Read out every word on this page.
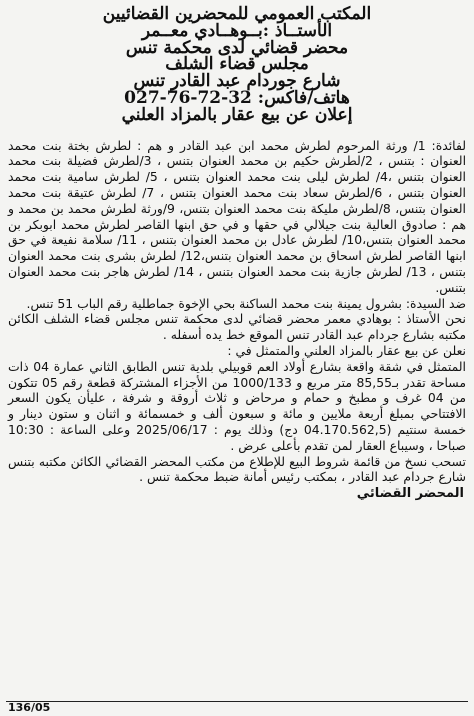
المكتب العمومي للمحضرين القضائيين
الأستــاذ :بــوهــادي معــمر
محضر قضائي لدى محكمة تنس
مجلس قضاء الشلف
شارع جوردام عبد القادر تنس
هاتف/فاكس: 32-72-76-027
إعلان عن بيع عقار بالمزاد العلني

لفائدة: 1/ ورثة المرحوم لطرش محمد ابن عبد القادر و هم : لطرش بختة بنت محمد العنوان : بتنس ، 2/لطرش حكيم بن محمد العنوان بتنس ، 3/لطرش فضيلة بنت محمد العنوان بتنس ،4/ لطرش ليلى بنت محمد العنوان بتنس ، 5/ لطرش سامية بنت محمد العنوان بتنس ، 6/لطرش سعاد بنت محمد العنوان بتنس ، 7/ لطرش عتيقة بنت محمد العنوان بتنس، 8/لطرش مليكة بنت محمد العنوان بتنس، 9/ورثة لطرش محمد بن محمد و هم : صادوق العالية بنت جيلالي في حقها و في حق ابنها القاصر لطرش محمد ابوبكر بن محمد العنوان بتنس،10/ لطرش عادل بن محمد العنوان بتنس ، 11/ سلامة نفيعة في حق ابنها القاصر لطرش اسحاق بن محمد العنوان بتنس،12/ لطرش بشرى بنت محمد العنوان بتنس ، 13/ لطرش جازية بنت محمد العنوان بتنس ، 14/ لطرش هاجر بنت محمد العنوان بتنس.

ضد السيدة: بشرول يمينة بنت محمد الساكنة بحي الإخوة جماطلية رقم الباب 51 تنس.

نحن الأستاذ : بوهادي معمر محضر قضائي لدى محكمة تنس مجلس قضاء الشلف الكائن مكتبه بشارع جردام عبد القادر تنس الموقع خط يده أسفله .

نعلن عن بيع عقار بالمزاد العلني والمتمثل في :

المتمثل في شقة واقعة بشارع أولاد العم قوبيلي بلدية تنس الطابق الثاني عمارة 04 ذات مساحة تقدر بـ85,55 متر مربع و 1000/133 من الأجزاء المشتركة قطعة رقم 05 تتكون من 04 غرف و مطبخ و حمام و مرحاض و ثلاث أروقة و شرفة ، عليأن يكون السعر الافتتاحي بمبلغ أربعة ملايين و مائة و سبعون ألف و خمسمائة و اثنان و ستون دينار و خمسة سنتيم (04.170.562,5 دج) وذلك يوم : 2025/06/17 وعلى الساعة : 10:30 صباحا ، وسيباع العقار لمن تقدم بأعلى عرض .

تسحب نسخ من قائمة شروط البيع للإطلاع من مكتب المحضر القضائي الكائن مكتبه بتنس شارع جردام عبد القادر ، بمكتب رئيس أمانة ضبط محكمة تنس .

المحضر القضائي
136/05
